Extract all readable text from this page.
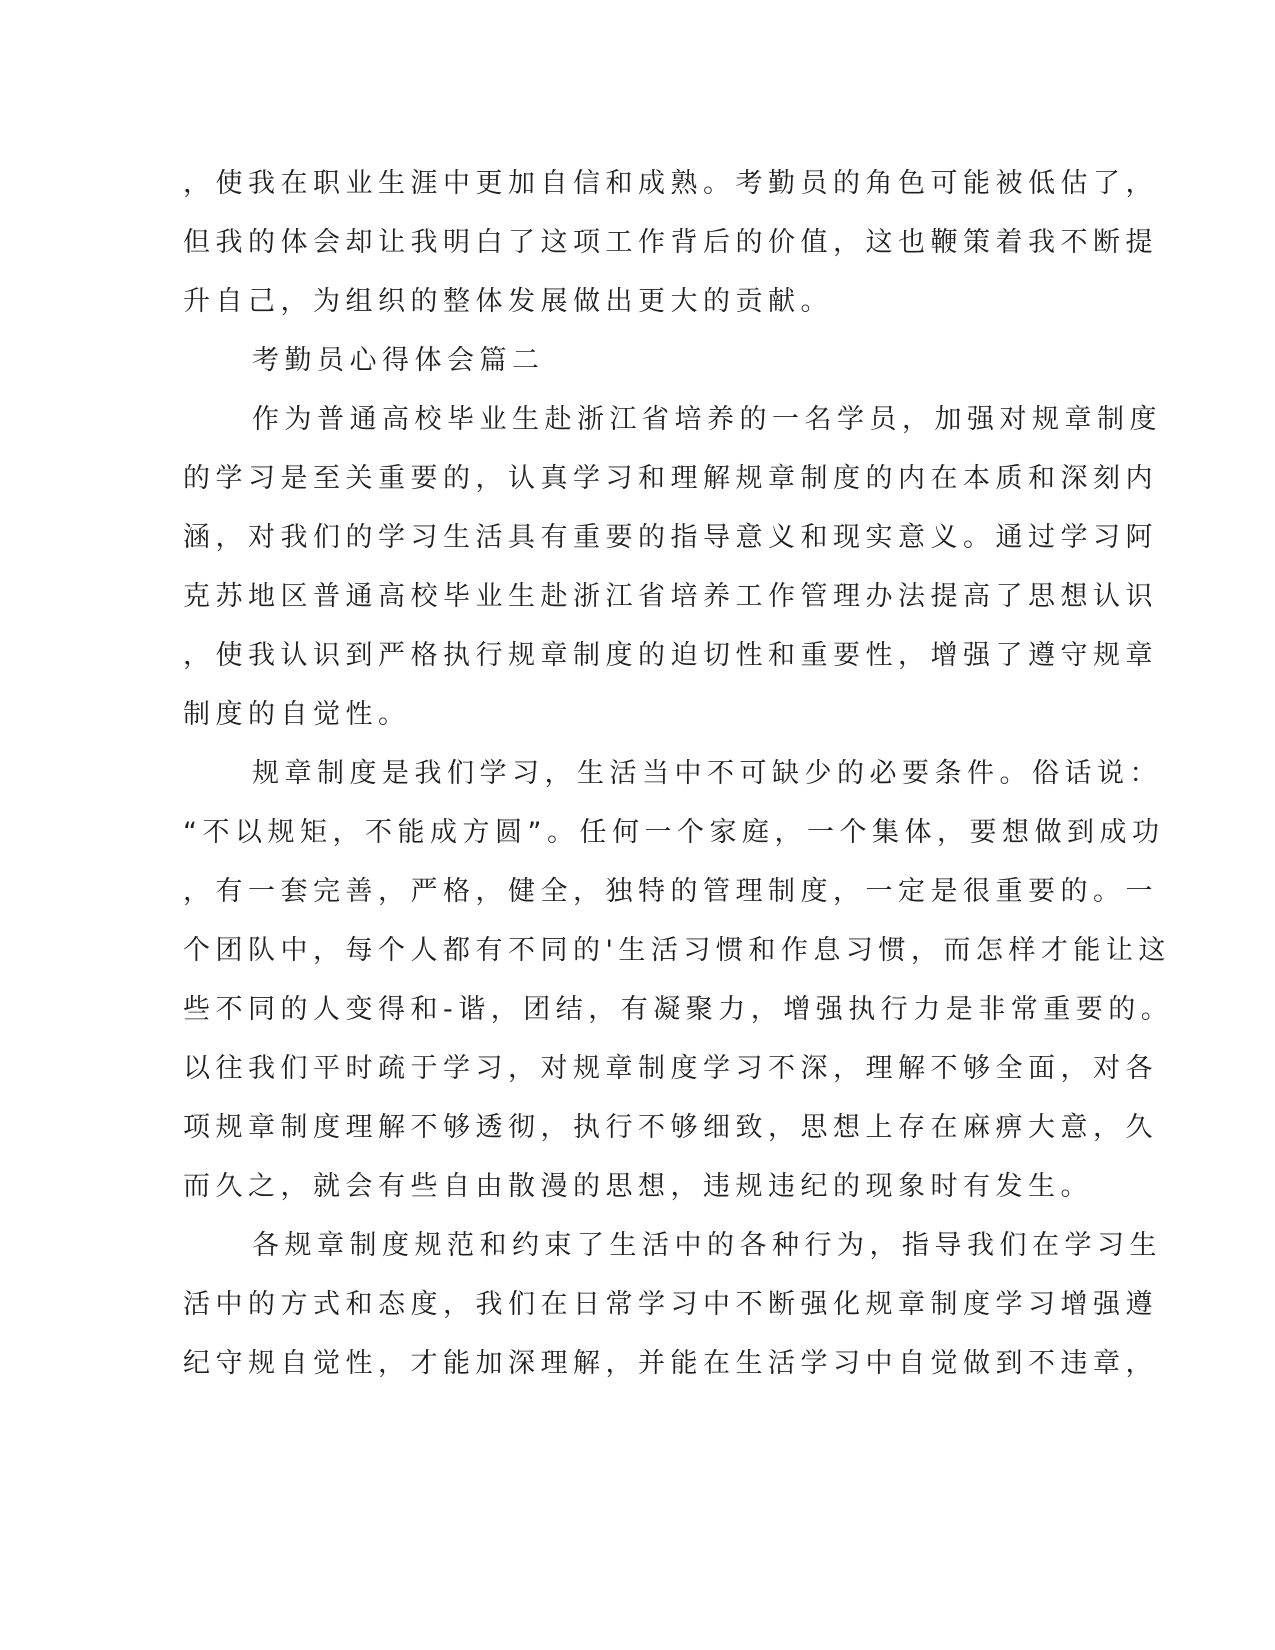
，使我在职业生涯中更加自信和成熟。考勤员的角色可能被低估了，

但我的体会却让我明白了这项工作背后的价值，这也鞭策着我不断提

升自己，为组织的整体发展做出更大的贡献。

考勤员心得体会篇二

作为普通高校毕业生赴浙江省培养的一名学员，加强对规章制度

的学习是至关重要的，认真学习和理解规章制度的内在本质和深刻内

涵，对我们的学习生活具有重要的指导意义和现实意义。通过学习阿

克苏地区普通高校毕业生赴浙江省培养工作管理办法提高了思想认识

，使我认识到严格执行规章制度的迫切性和重要性，增强了遵守规章

制度的自觉性。

规章制度是我们学习，生活当中不可缺少的必要条件。俗话说：

“不以规矩，不能成方圆”。任何一个家庭，一个集体，要想做到成功

，有一套完善，严格，健全，独特的管理制度，一定是很重要的。一

个团队中，每个人都有不同的'生活习惯和作息习惯，而怎样才能让这

些不同的人变得和-谐，团结，有凝聚力，增强执行力是非常重要的。

以往我们平时疏于学习，对规章制度学习不深，理解不够全面，对各

项规章制度理解不够透彻，执行不够细致，思想上存在麻痹大意，久

而久之，就会有些自由散漫的思想，违规违纪的现象时有发生。

各规章制度规范和约束了生活中的各种行为，指导我们在学习生

活中的方式和态度，我们在日常学习中不断强化规章制度学习增强遵

纪守规自觉性，才能加深理解，并能在生活学习中自觉做到不违章，
